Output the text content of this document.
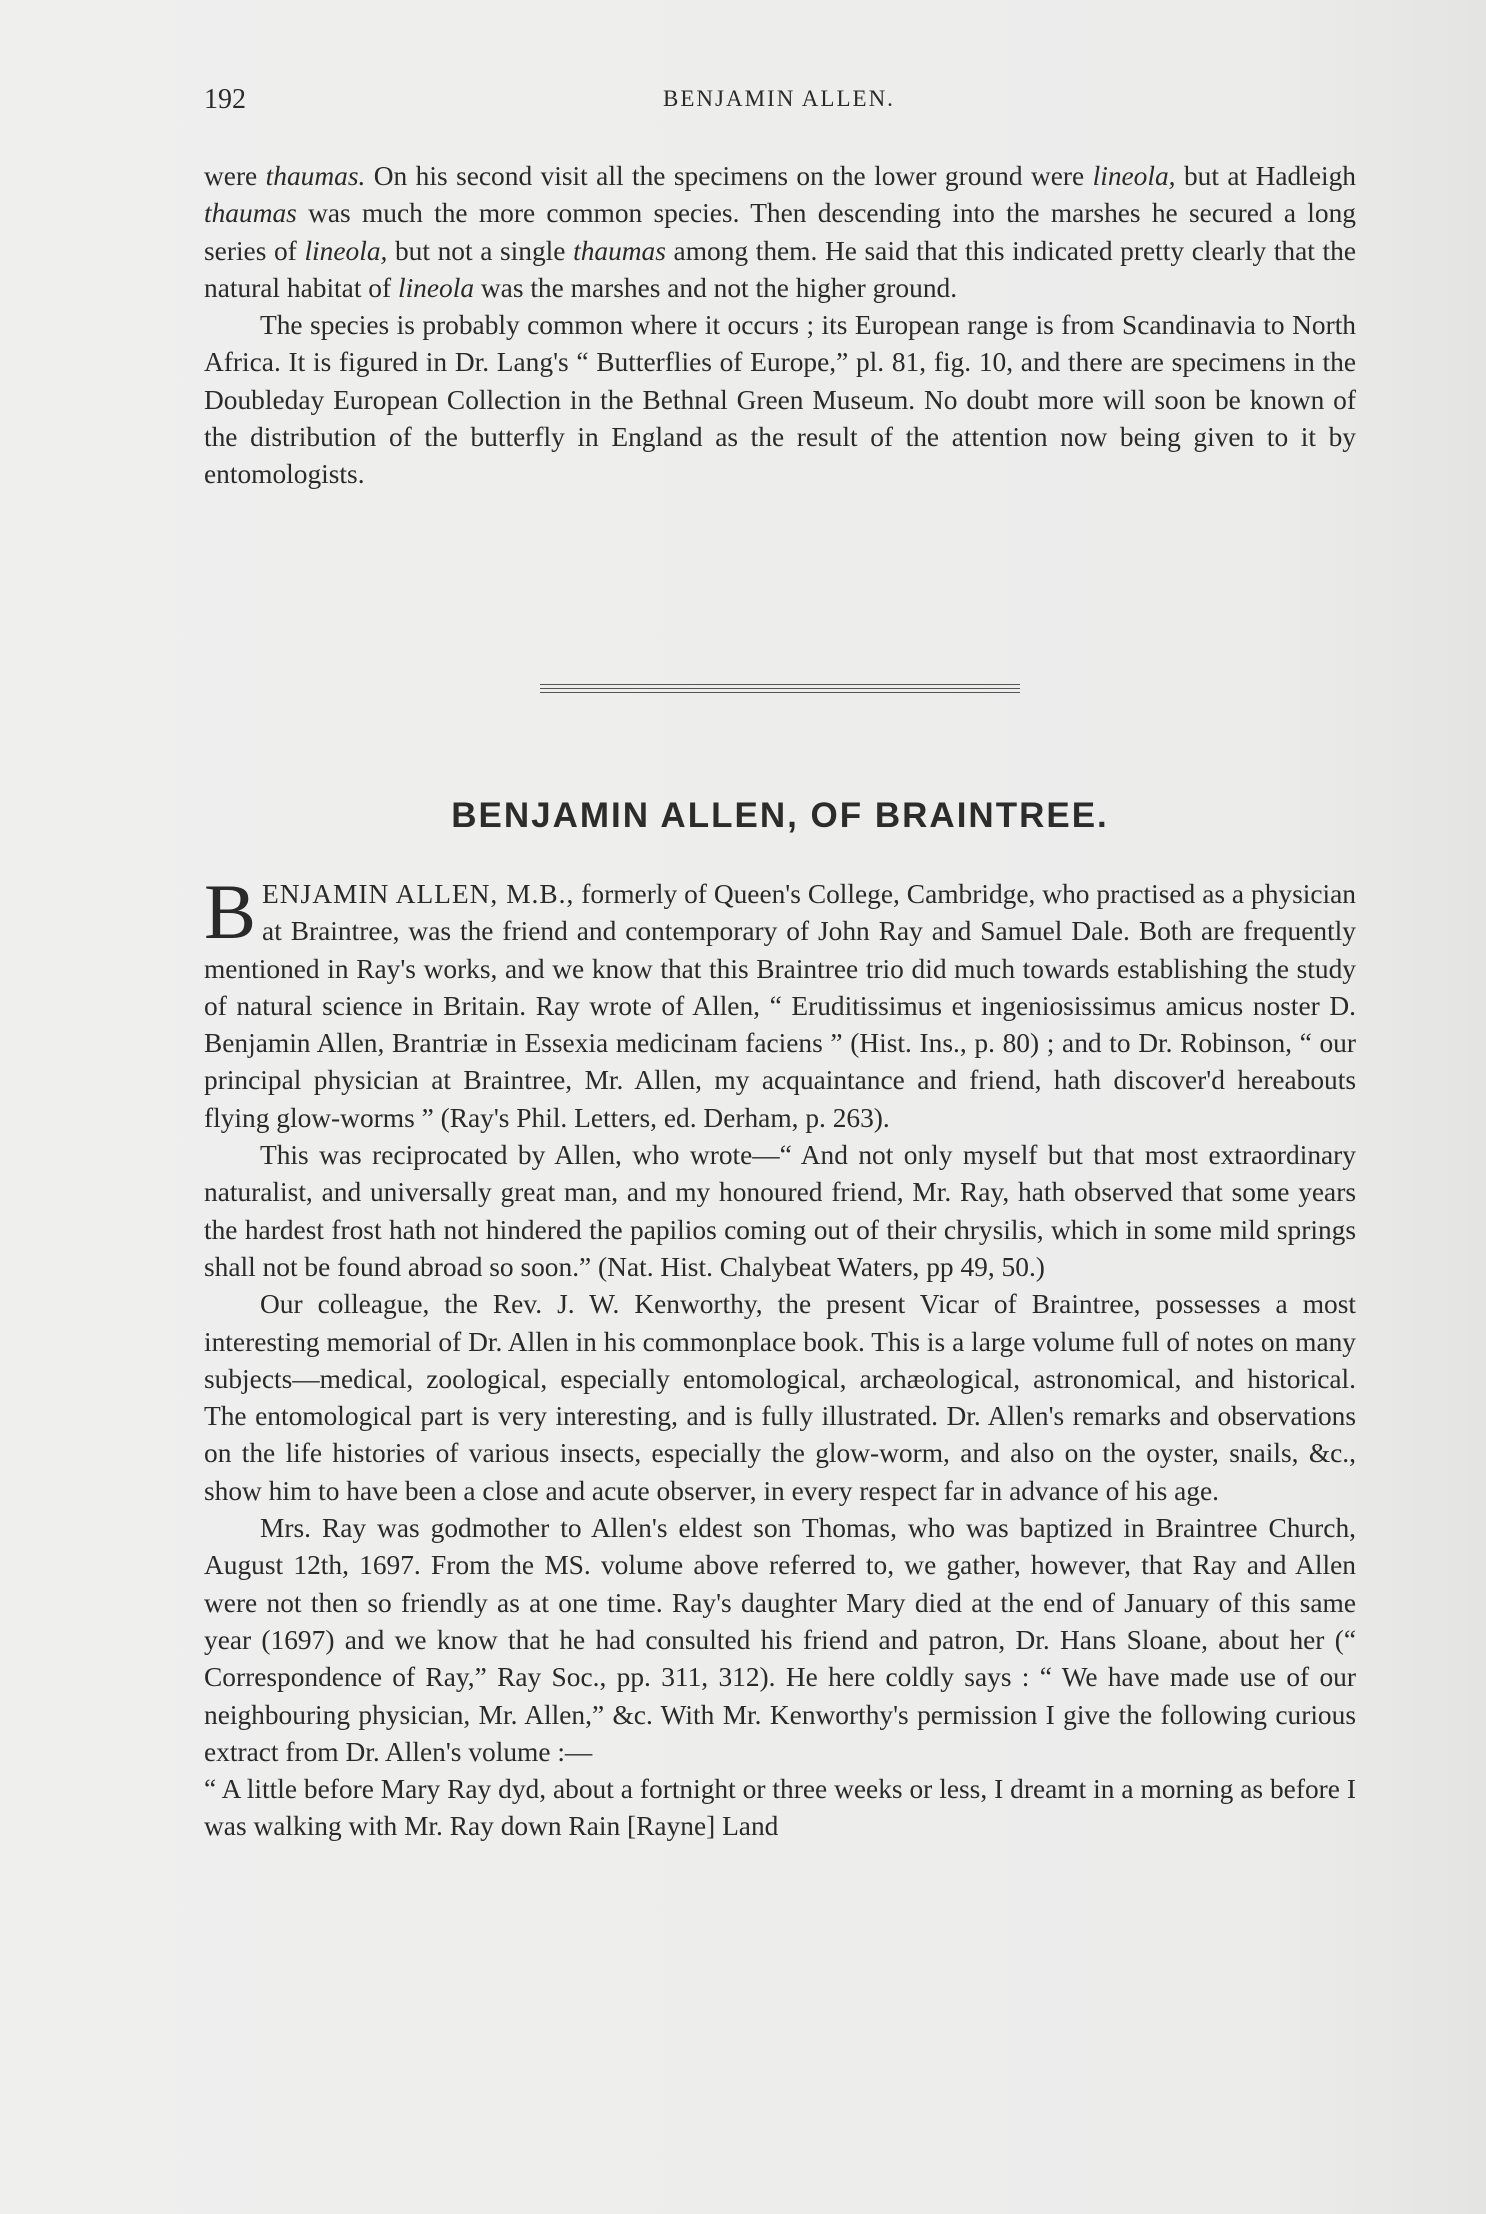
192	BENJAMIN ALLEN.

were thaumas. On his second visit all the specimens on the lower ground were lineola, but at Hadleigh thaumas was much the more common species. Then descending into the marshes he secured a long series of lineola, but not a single thaumas among them. He said that this indicated pretty clearly that the natural habitat of lineola was the marshes and not the higher ground.

The species is probably common where it occurs ; its European range is from Scandinavia to North Africa. It is figured in Dr. Lang's “ Butterflies of Europe,” pl. 81, fig. 10, and there are specimens in the Doubleday European Collection in the Bethnal Green Museum. No doubt more will soon be known of the distribution of the butterfly in England as the result of the attention now being given to it by entomologists.

BENJAMIN ALLEN, OF BRAINTREE.

BENJAMIN ALLEN, M.B., formerly of Queen's College, Cambridge, who practised as a physician at Braintree, was the friend and contemporary of John Ray and Samuel Dale. Both are frequently mentioned in Ray's works, and we know that this Braintree trio did much towards establishing the study of natural science in Britain. Ray wrote of Allen, “ Eruditissimus et ingeniosissimus amicus noster D. Benjamin Allen, Brantriæ in Essexia medicinam faciens ” (Hist. Ins., p. 80) ; and to Dr. Robinson, “ our principal physician at Braintree, Mr. Allen, my acquaintance and friend, hath discover'd hereabouts flying glow-worms ” (Ray's Phil. Letters, ed. Derham, p. 263).

This was reciprocated by Allen, who wrote—“ And not only myself but that most extraordinary naturalist, and universally great man, and my honoured friend, Mr. Ray, hath observed that some years the hardest frost hath not hindered the papilios coming out of their chrysilis, which in some mild springs shall not be found abroad so soon.” (Nat. Hist. Chalybeat Waters, pp 49, 50.)

Our colleague, the Rev. J. W. Kenworthy, the present Vicar of Braintree, possesses a most interesting memorial of Dr. Allen in his commonplace book. This is a large volume full of notes on many subjects—medical, zoological, especially entomological, archæological, astronomical, and historical. The entomological part is very interesting, and is fully illustrated. Dr. Allen's remarks and observations on the life histories of various insects, especially the glow-worm, and also on the oyster, snails, &c., show him to have been a close and acute observer, in every respect far in advance of his age.

Mrs. Ray was godmother to Allen's eldest son Thomas, who was baptized in Braintree Church, August 12th, 1697. From the MS. volume above referred to, we gather, however, that Ray and Allen were not then so friendly as at one time. Ray's daughter Mary died at the end of January of this same year (1697) and we know that he had consulted his friend and patron, Dr. Hans Sloane, about her (“ Correspondence of Ray,” Ray Soc., pp. 311, 312). He here coldly says : “ We have made use of our neighbouring physician, Mr. Allen,” &c. With Mr. Kenworthy's permission I give the following curious extract from Dr. Allen's volume :—

“ A little before Mary Ray dyd, about a fortnight or three weeks or less, I dreamt in a morning as before I was walking with Mr. Ray down Rain [Rayne] Land
